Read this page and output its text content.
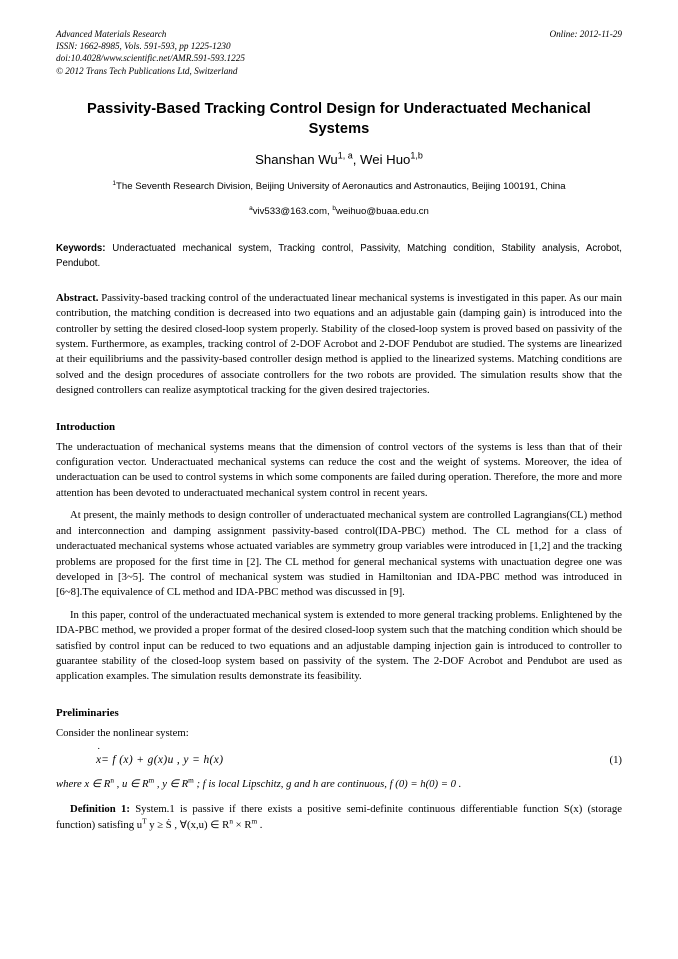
Advanced Materials Research
ISSN: 1662-8985, Vols. 591-593, pp 1225-1230
doi:10.4028/www.scientific.net/AMR.591-593.1225
© 2012 Trans Tech Publications Ltd, Switzerland
Online: 2012-11-29
Passivity-Based Tracking Control Design for Underactuated Mechanical Systems
Shanshan Wu$^{1, a}$, Wei Huo$^{1,b}$
$^1$The Seventh Research Division, Beijing University of Aeronautics and Astronautics, Beijing 100191, China
$^a$viv533@163.com, $^b$weihuo@buaa.edu.cn
Keywords: Underactuated mechanical system, Tracking control, Passivity, Matching condition, Stability analysis, Acrobot, Pendubot.
Abstract. Passivity-based tracking control of the underactuated linear mechanical systems is investigated in this paper. As our main contribution, the matching condition is decreased into two equations and an adjustable gain (damping gain) is introduced into the controller by setting the desired closed-loop system properly. Stability of the closed-loop system is proved based on passivity of the system. Furthermore, as examples, tracking control of 2-DOF Acrobot and 2-DOF Pendubot are studied. The systems are linearized at their equilibriums and the passivity-based controller design method is applied to the linearized systems. Matching conditions are solved and the design procedures of associate controllers for the two robots are provided. The simulation results show that the designed controllers can realize asymptotical tracking for the given desired trajectories.
Introduction
The underactuation of mechanical systems means that the dimension of control vectors of the systems is less than that of their configuration vector. Underactuated mechanical systems can reduce the cost and the weight of systems. Moreover, the idea of underactuation can be used to control systems in which some components are failed during operation. Therefore, the more and more attention has been devoted to underactuated mechanical system control in recent years.
At present, the mainly methods to design controller of underactuated mechanical system are controlled Lagrangians(CL) method and interconnection and damping assignment passivity-based control(IDA-PBC) method. The CL method for a class of underactuated mechanical systems whose actuated variables are symmetry group variables were introduced in [1,2] and the tracking problems are proposed for the first time in [2]. The CL method for general mechanical systems with unactuation degree one was developed in [3~5]. The control of mechanical system was studied in Hamiltonian and IDA-PBC method was introduced in [6~8].The equivalence of CL method and IDA-PBC method was discussed in [9].
In this paper, control of the underactuated mechanical system is extended to more general tracking problems. Enlightened by the IDA-PBC method, we provided a proper format of the desired closed-loop system such that the matching condition which should be satisfied by control input can be reduced to two equations and an adjustable damping injection gain is introduced to controller to guarantee stability of the closed-loop system based on passivity of the system. The 2-DOF Acrobot and Pendubot are used as application examples. The simulation results demonstrate its feasibility.
Preliminaries
Consider the nonlinear system:
x ˙= f (x) + g(x)u , y = h(x)	(1)
where x ∈ $R^n$ , u ∈ $R^m$ , y ∈ $R^m$ ; f is local Lipschitz, g and h are continuous, f (0) = h(0) = 0 .
Definition 1: System.1 is passive if there exists a positive semi-definite continuous differentiable function S(x) (storage function) satisfing $u^T$ y ≥ Ṡ , ∀(x,u) ∈ $R^n \times R^m$ .
